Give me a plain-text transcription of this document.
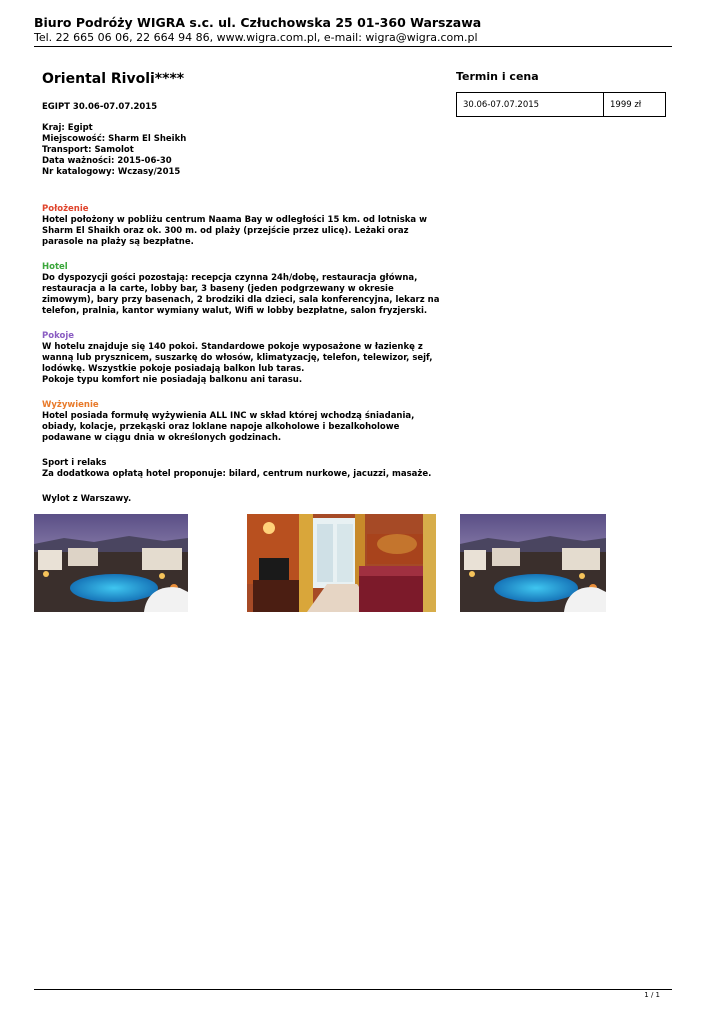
Biuro Podróży WIGRA s.c. ul. Człuchowska 25 01-360 Warszawa

Tel. 22 665 06 06, 22 664 94 86, www.wigra.com.pl, e-mail: wigra@wigra.com.pl

Oriental Rivoli****

EGIPT 30.06-07.07.2015

Kraj: Egipt
Miejscowość: Sharm El Sheikh
Transport: Samolot
Data ważności: 2015-06-30
Nr katalogowy: Wczasy/2015
Położenie
Hotel położony w pobliżu centrum Naama Bay w odległości 15 km. od lotniska w
Sharm El Shaikh oraz ok. 300 m. od plaży (przejście przez ulicę). Leżaki oraz
parasole na plaży są bezpłatne.
Hotel
Do dyspozycji gości pozostają: recepcja czynna 24h/dobę, restauracja główna,
restauracja a la carte, lobby bar, 3 baseny (jeden podgrzewany w okresie
zimowym), bary przy basenach, 2 brodziki dla dzieci, sala konferencyjna, lekarz na
telefon, pralnia, kantor wymiany walut, Wifi w lobby bezpłatne, salon fryzjerski.
Pokoje
W hotelu znajduje się 140 pokoi. Standardowe pokoje wyposażone w łazienkę z
wanną lub prysznicem, suszarkę do włosów, klimatyzację, telefon, telewizor, sejf,
lodówkę. Wszystkie pokoje posiadają balkon lub taras.
Pokoje typu komfort nie posiadają balkonu ani tarasu.
Wyżywienie
Hotel posiada formułę wyżywienia ALL INC w skład której wchodzą śniadania,
obiady, kolacje, przekąski oraz loklane napoje alkoholowe i bezalkoholowe
podawane w ciągu dnia w określonych godzinach.
Sport i relaks
Za dodatkowa opłatą hotel proponuje: bilard, centrum nurkowe, jacuzzi, masaże.
Wylot z Warszawy.
Termin i cena
30.06-07.07.2015	1999 zł
1 / 1
